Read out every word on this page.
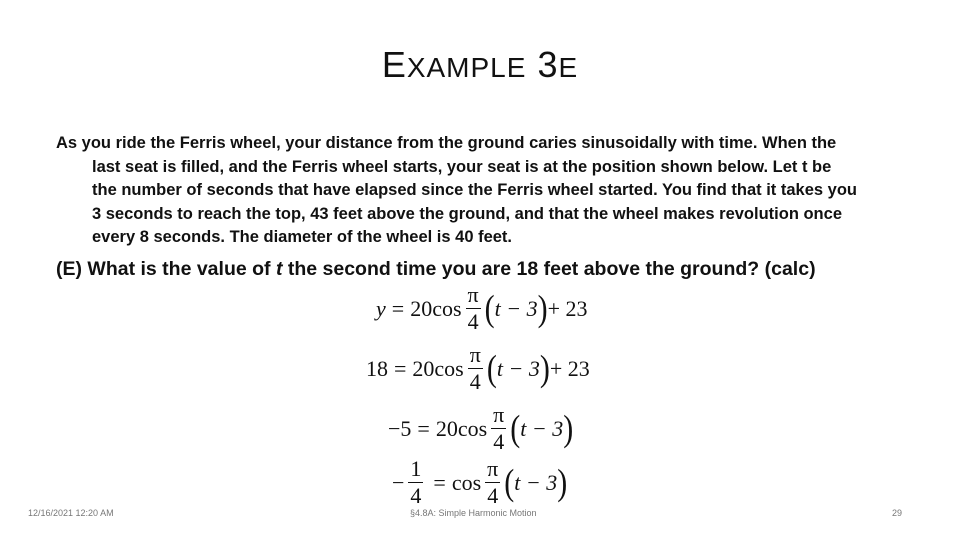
EXAMPLE 3E
As you ride the Ferris wheel, your distance from the ground caries sinusoidally with time. When the
last seat is filled, and the Ferris wheel starts, your seat is at the position shown below. Let t be
the number of seconds that have elapsed since the Ferris wheel started. You find that it takes you
3 seconds to reach the top, 43 feet above the ground, and that the wheel makes revolution once
every 8 seconds. The diameter of the wheel is 40 feet.
(E) What is the value of t the second time you are 18 feet above the ground? (calc)
$y = 20\cos \frac{\pi}{4}$ ( t − 3 ) + 23
$18 = 20\cos \frac{\pi}{4}$ ( t − 3 ) + 23
$-5 = 20\cos \frac{\pi}{4}$ ( t − 3 )
− $\frac{1}{4} = \cos \frac{\pi}{4}$ ( t − 3 )
12/16/2021 12:20 AM	§4.8A: Simple Harmonic Motion	29
